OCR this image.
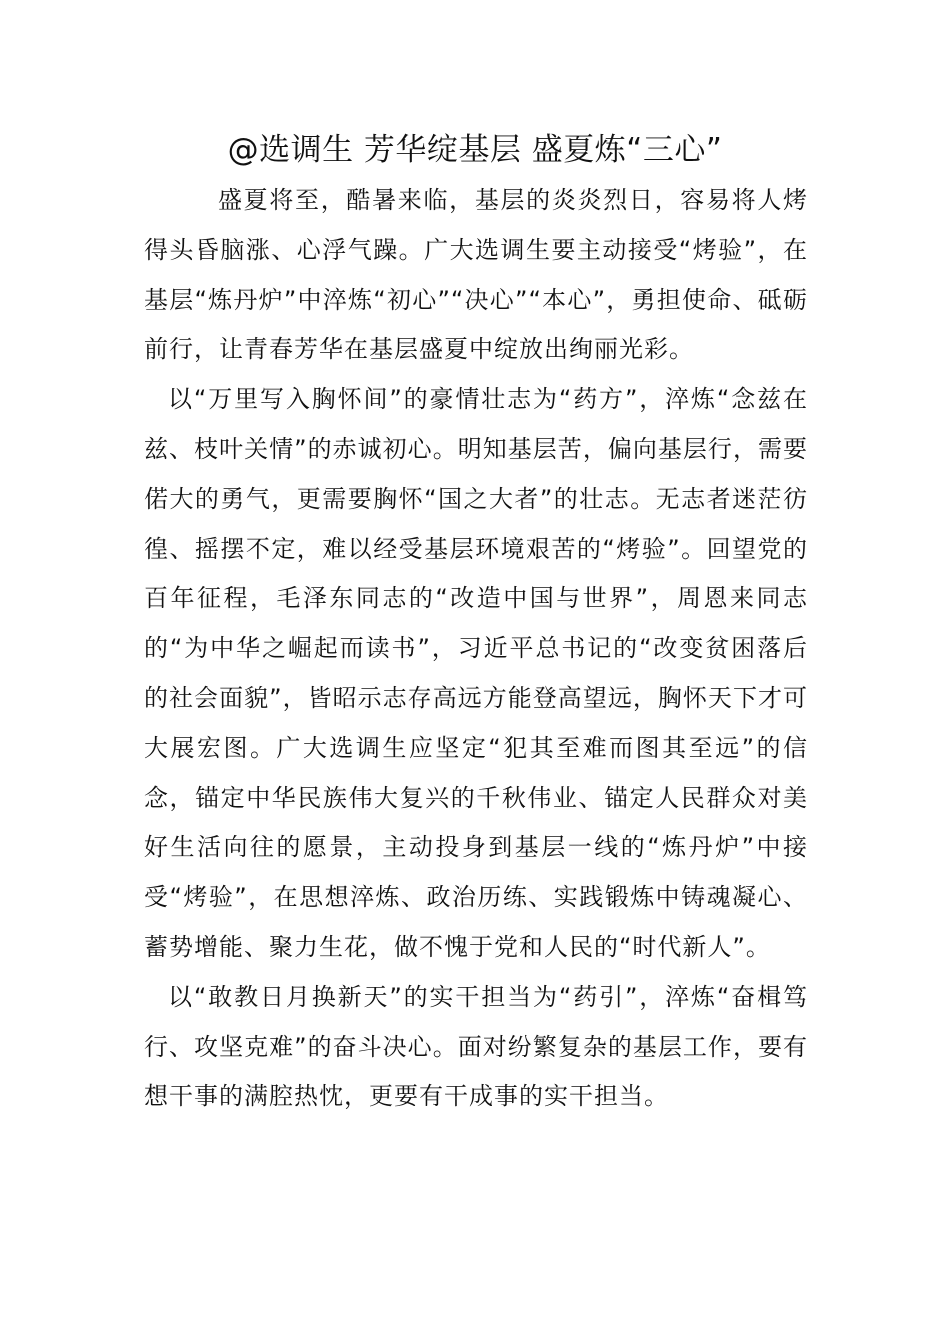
@选调生 芳华绽基层 盛夏炼“三心”

盛夏将至，酷暑来临，基层的炎炎烈日，容易将人烤得头昏脑涨、心浮气躁。广大选调生要主动接受“烤验”，在基层“炼丹炉”中淬炼“初心”“决心”“本心”，勇担使命、砥砺前行，让青春芳华在基层盛夏中绽放出绚丽光彩。

以“万里写入胸怀间”的豪情壮志为“药方”，淬炼“念兹在兹、枝叶关情”的赤诚初心。明知基层苦，偏向基层行，需要偌大的勇气，更需要胸怀“国之大者”的壮志。无志者迷茫彷徨、摇摆不定，难以经受基层环境艰苦的“烤验”。回望党的百年征程，毛泽东同志的“改造中国与世界”，周恩来同志的“为中华之崛起而读书”，习近平总书记的“改变贫困落后的社会面貌”，皆昭示志存高远方能登高望远，胸怀天下才可大展宏图。广大选调生应坚定“犯其至难而图其至远”的信念，锚定中华民族伟大复兴的千秋伟业、锚定人民群众对美好生活向往的愿景，主动投身到基层一线的“炼丹炉”中接受“烤验”，在思想淬炼、政治历练、实践锻炼中铸魂凝心、蓄势增能、聚力生花，做不愧于党和人民的“时代新人”。

以“敢教日月换新天”的实干担当为“药引”，淬炼“奋楫笃行、攻坚克难”的奋斗决心。面对纷繁复杂的基层工作，要有想干事的满腔热忱，更要有干成事的实干担当。
